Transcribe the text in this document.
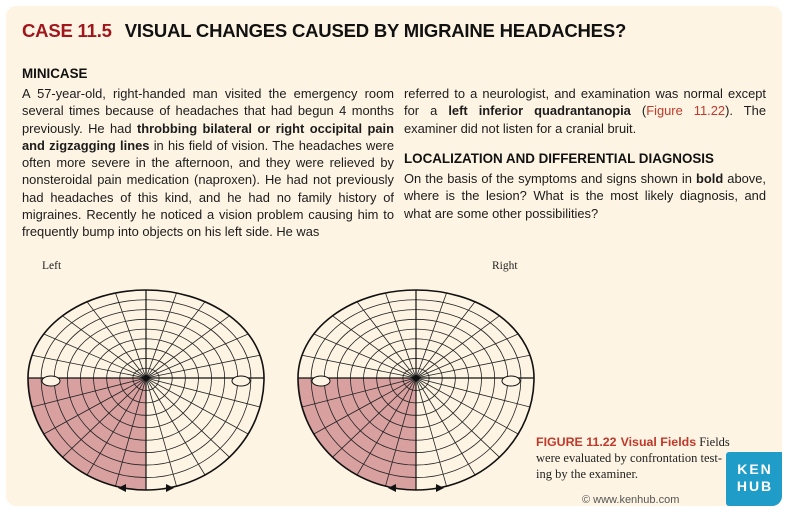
CASE 11.5 VISUAL CHANGES CAUSED BY MIGRAINE HEADACHES?
MINICASE
A 57-year-old, right-handed man visited the emergency room several times because of headaches that had begun 4 months previously. He had throbbing bilateral or right occipital pain and zigzagging lines in his field of vision. The headaches were often more severe in the afternoon, and they were relieved by nonsteroidal pain medication (naproxen). He had not previously had headaches of this kind, and he had no family history of migraines. Recently he noticed a vision problem causing him to frequently bump into objects on his left side. He was
referred to a neurologist, and examination was normal except for a left inferior quadrantanopia (Figure 11.22). The examiner did not listen for a cranial bruit.
LOCALIZATION AND DIFFERENTIAL DIAGNOSIS
On the basis of the symptoms and signs shown in bold above, where is the lesion? What is the most likely diagnosis, and what are some other possibilities?
Left	Right
FIGURE 11.22 Visual Fields Fields
were evaluated by confrontation test-
ing by the examiner.
© www.kenhub.com
KEN
HUB
